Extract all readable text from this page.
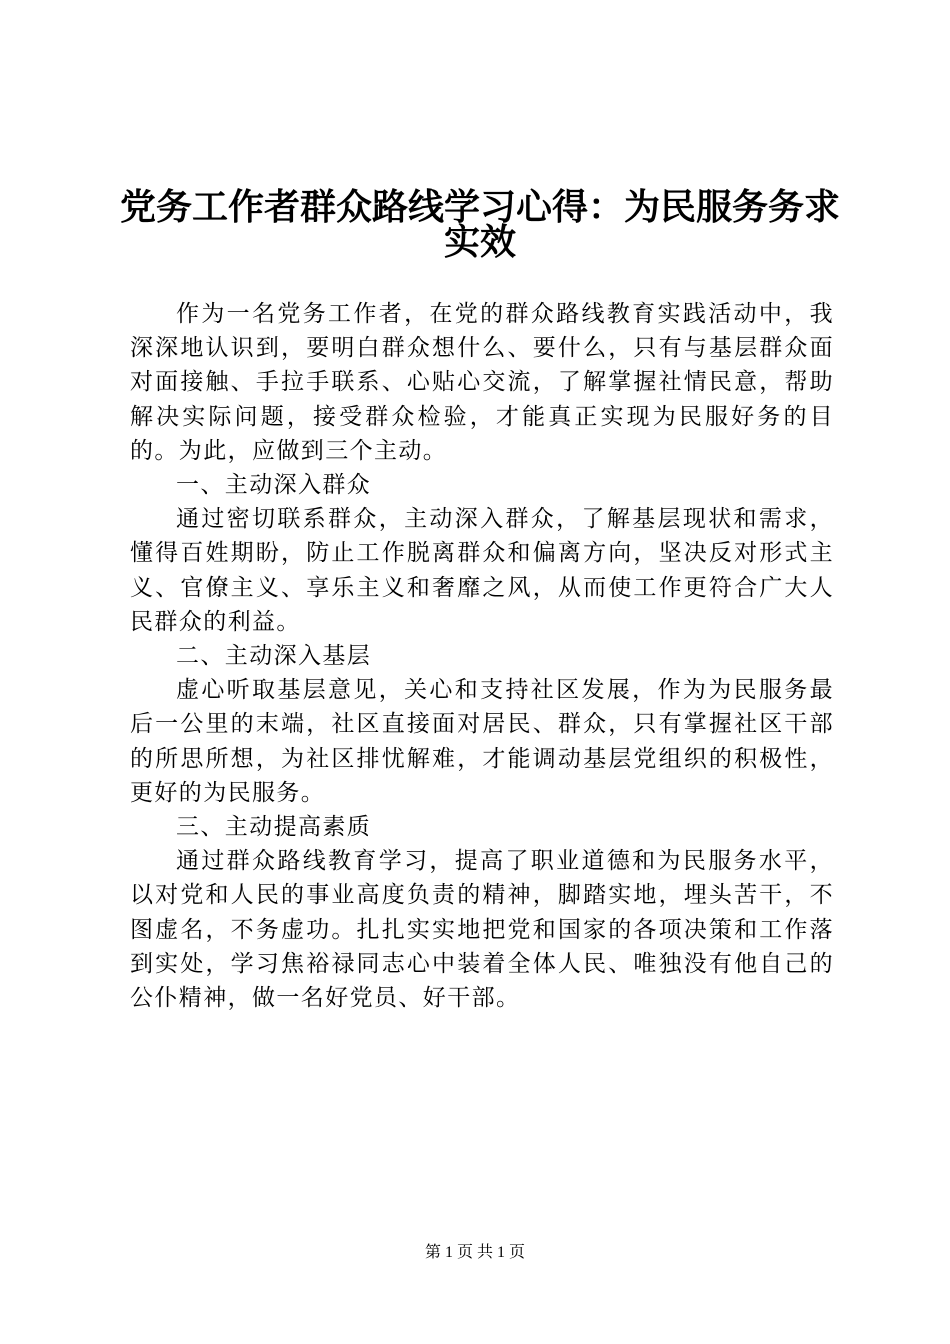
党务工作者群众路线学习心得：为民服务务求
实效

作为一名党务工作者，在党的群众路线教育实践活动中，我深深地认识到，要明白群众想什么、要什么，只有与基层群众面对面接触、手拉手联系、心贴心交流，了解掌握社情民意，帮助解决实际问题，接受群众检验，才能真正实现为民服好务的目的。为此，应做到三个主动。

一、主动深入群众

通过密切联系群众，主动深入群众，了解基层现状和需求，懂得百姓期盼，防止工作脱离群众和偏离方向，坚决反对形式主义、官僚主义、享乐主义和奢靡之风，从而使工作更符合广大人民群众的利益。

二、主动深入基层

虚心听取基层意见，关心和支持社区发展，作为为民服务最后一公里的末端，社区直接面对居民、群众，只有掌握社区干部的所思所想，为社区排忧解难，才能调动基层党组织的积极性，更好的为民服务。

三、主动提高素质

通过群众路线教育学习，提高了职业道德和为民服务水平，以对党和人民的事业高度负责的精神，脚踏实地，埋头苦干，不图虚名，不务虚功。扎扎实实地把党和国家的各项决策和工作落到实处，学习焦裕禄同志心中装着全体人民、唯独没有他自己的公仆精神，做一名好党员、好干部。

第 1 页 共 1 页
